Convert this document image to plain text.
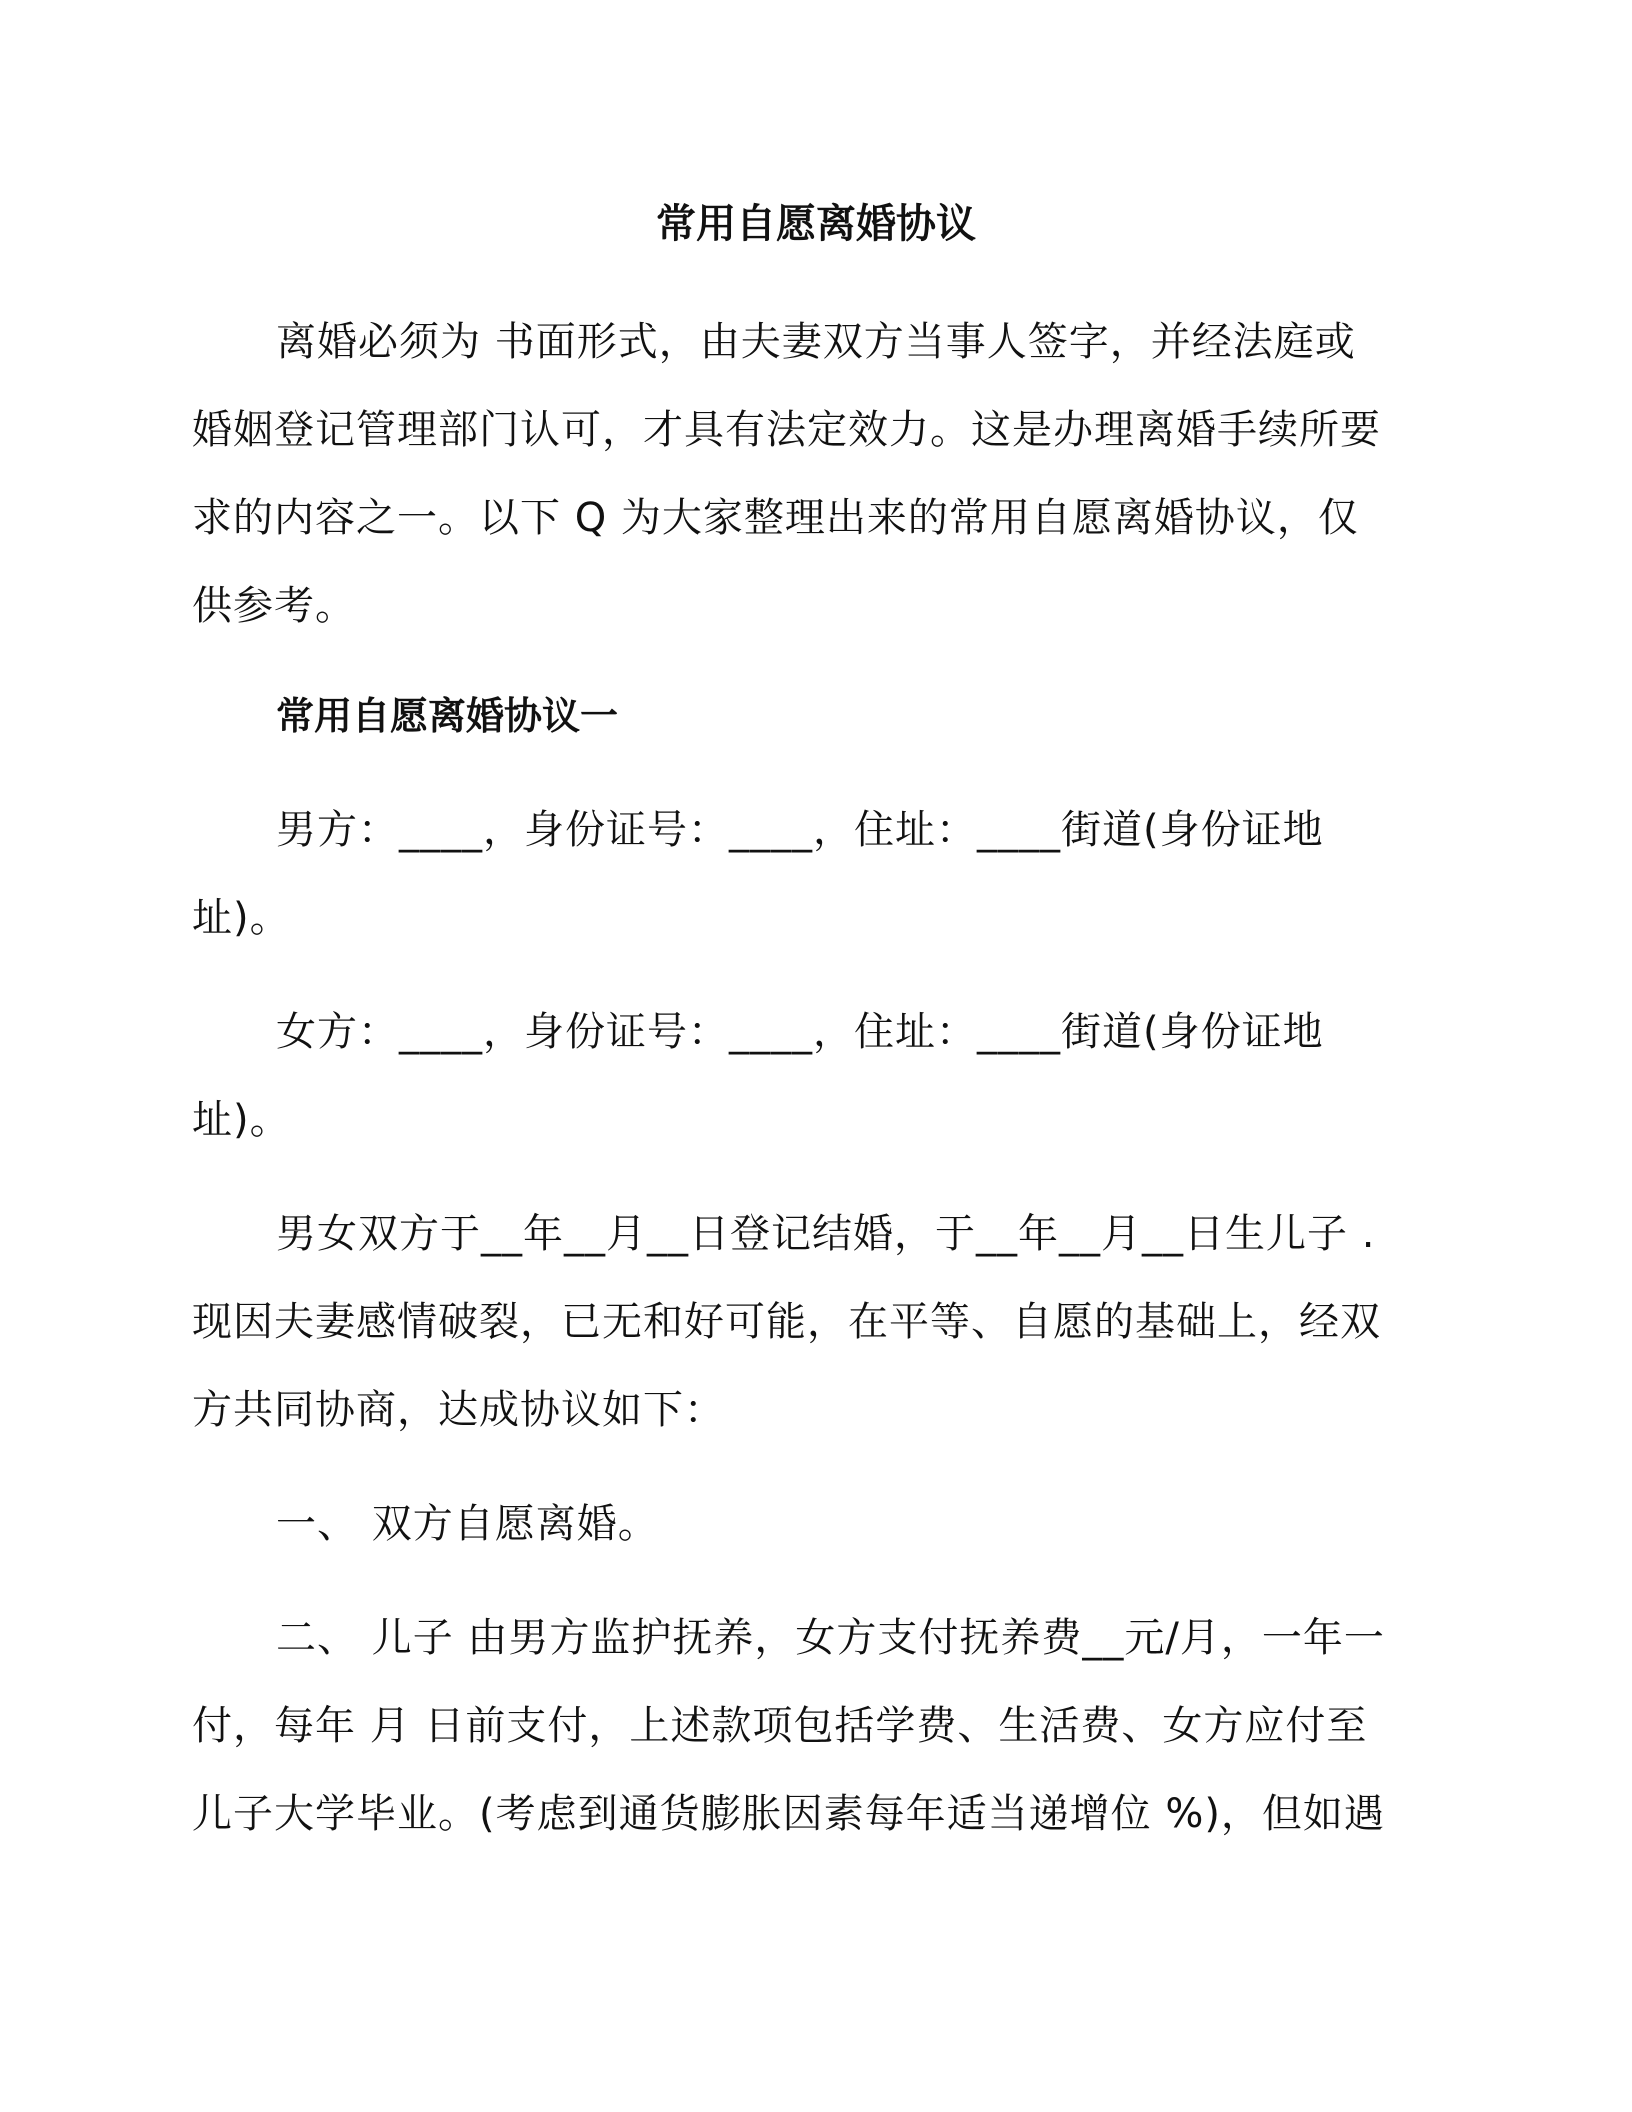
常用自愿离婚协议

离婚必须为 书面形式，由夫妻双方当事人签字，并经法庭或
婚姻登记管理部门认可，才具有法定效力。这是办理离婚手续所要
求的内容之一。以下 Q 为大家整理出来的常用自愿离婚协议，仅
供参考。

常用自愿离婚协议一

男方：____，身份证号：____，住址：____街道(身份证地
址)。

女方：____，身份证号：____，住址：____街道(身份证地
址)。

男女双方于__年__月__日登记结婚，于__年__月__日生儿子 .
现因夫妻感情破裂，已无和好可能，在平等、自愿的基础上，经双
方共同协商，达成协议如下：

一、 双方自愿离婚。

二、 儿子 由男方监护抚养，女方支付抚养费__元/月，一年一
付，每年 月 日前支付，上述款项包括学费、生活费、女方应付至
儿子大学毕业。(考虑到通货膨胀因素每年适当递增位 %)，但如遇
